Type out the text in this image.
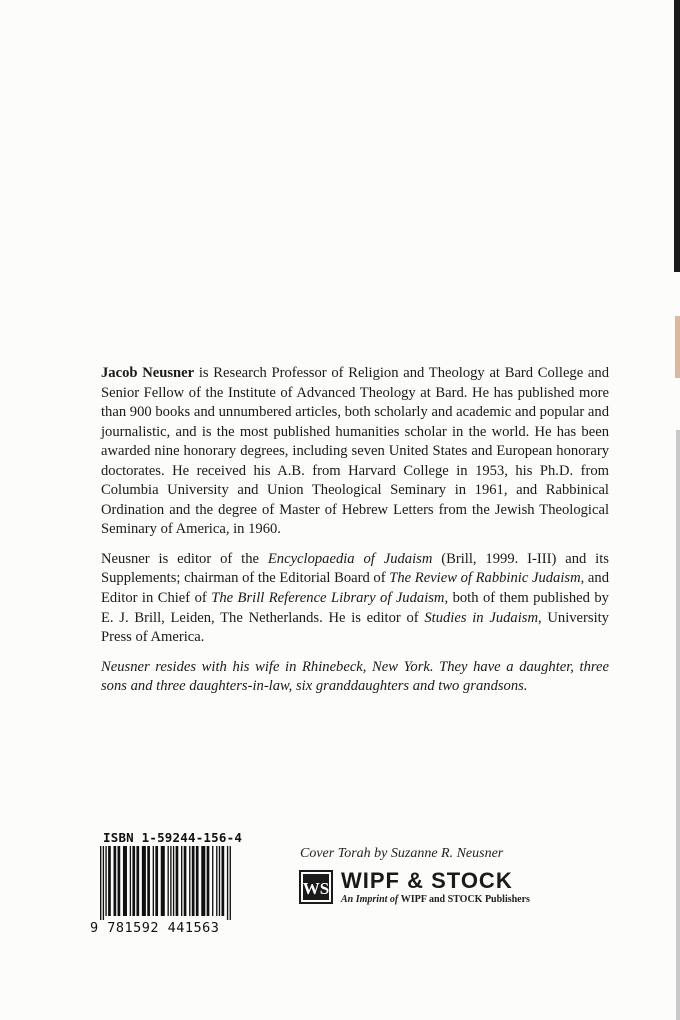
Jacob Neusner is Research Professor of Religion and Theology at Bard College and Senior Fellow of the Institute of Advanced Theology at Bard. He has published more than 900 books and unnumbered articles, both scholarly and academic and popular and journalistic, and is the most published humanities scholar in the world. He has been awarded nine honorary degrees, including seven United States and European honorary doctorates. He received his A.B. from Harvard College in 1953, his Ph.D. from Columbia University and Union Theological Seminary in 1961, and Rabbinical Ordination and the degree of Master of Hebrew Letters from the Jewish Theological Seminary of America, in 1960.

Neusner is editor of the Encyclopaedia of Judaism (Brill, 1999. I-III) and its Supplements; chairman of the Editorial Board of The Review of Rabbinic Judaism, and Editor in Chief of The Brill Reference Library of Judaism, both of them published by E. J. Brill, Leiden, The Netherlands. He is editor of Studies in Judaism, University Press of America.

Neusner resides with his wife in Rhinebeck, New York. They have a daughter, three sons and three daughters-in-law, six granddaughters and two grandsons.

ISBN 1-59244-156-4
9 781592 441563
Cover Torah by Suzanne R. Neusner
WS WIPF & STOCK
An Imprint of WIPF and STOCK Publishers
